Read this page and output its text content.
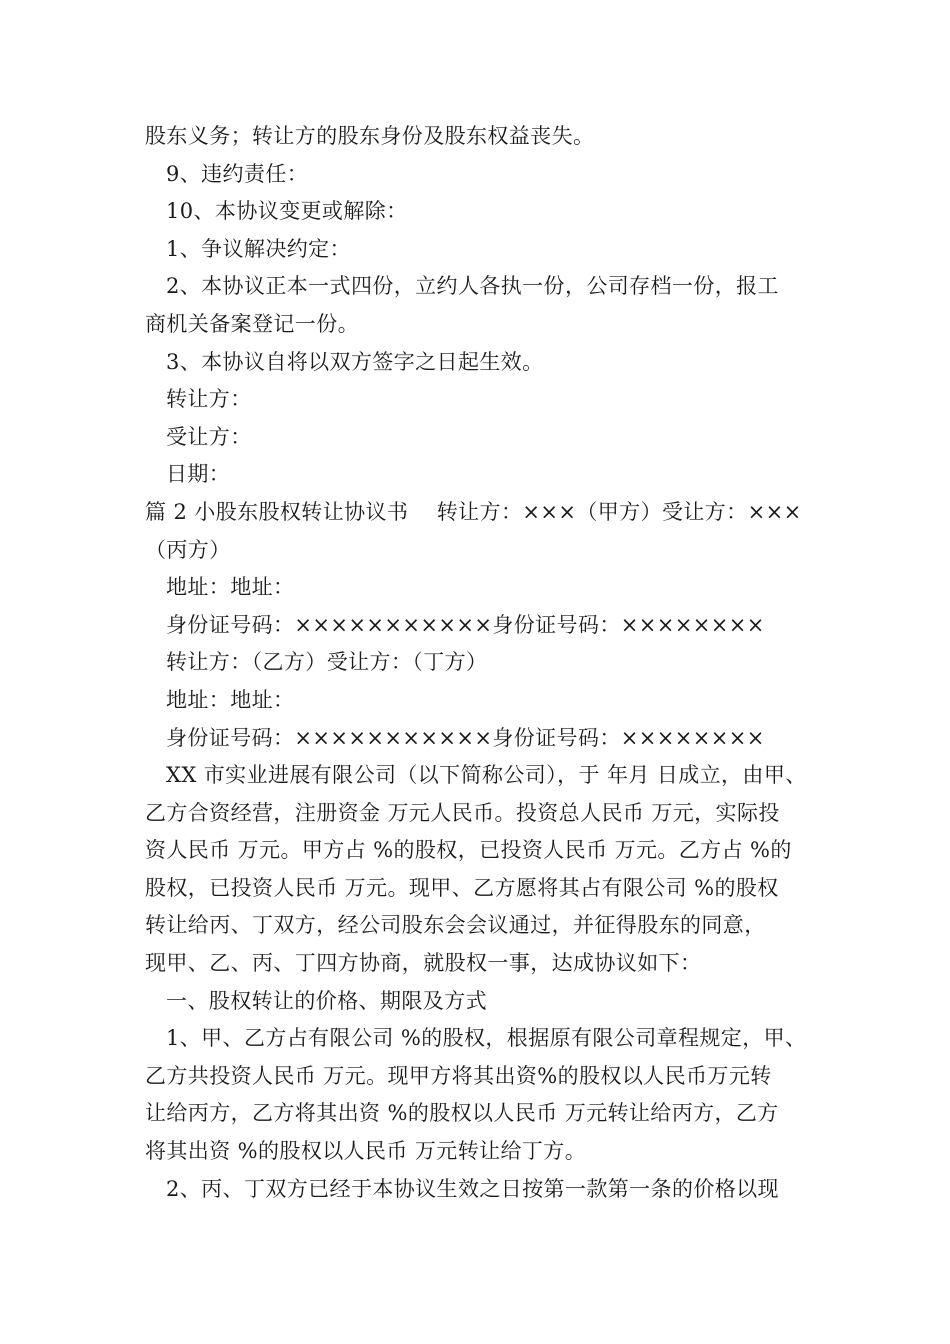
股东义务；转让方的股东身份及股东权益丧失。
9、违约责任：
10、本协议变更或解除：
1、争议解决约定：
2、本协议正本一式四份，立约人各执一份，公司存档一份，报工
商机关备案登记一份。
3、本协议自将以双方签字之日起生效。
转让方：
受让方：
日期：
篇 2 小股东股权转让协议书　 转让方：×××（甲方）受让方：×××
（丙方）
地址：地址：
身份证号码：×××××××××××身份证号码：××××××××
转让方：（乙方）受让方：（丁方）
地址：地址：
身份证号码：×××××××××××身份证号码：××××××××
XX 市实业进展有限公司（以下简称公司），于 年月 日成立，由甲、
乙方合资经营，注册资金 万元人民币。投资总人民币 万元，实际投
资人民币 万元。甲方占 %的股权，已投资人民币 万元。乙方占 %的
股权，已投资人民币 万元。现甲、乙方愿将其占有限公司 %的股权
转让给丙、丁双方，经公司股东会会议通过，并征得股东的同意，
现甲、乙、丙、丁四方协商，就股权一事，达成协议如下：
一、股权转让的价格、期限及方式
1、甲、乙方占有限公司 %的股权，根据原有限公司章程规定，甲、
乙方共投资人民币 万元。现甲方将其出资%的股权以人民币万元转
让给丙方，乙方将其出资 %的股权以人民币 万元转让给丙方，乙方
将其出资 %的股权以人民币 万元转让给丁方。
2、丙、丁双方已经于本协议生效之日按第一款第一条的价格以现
